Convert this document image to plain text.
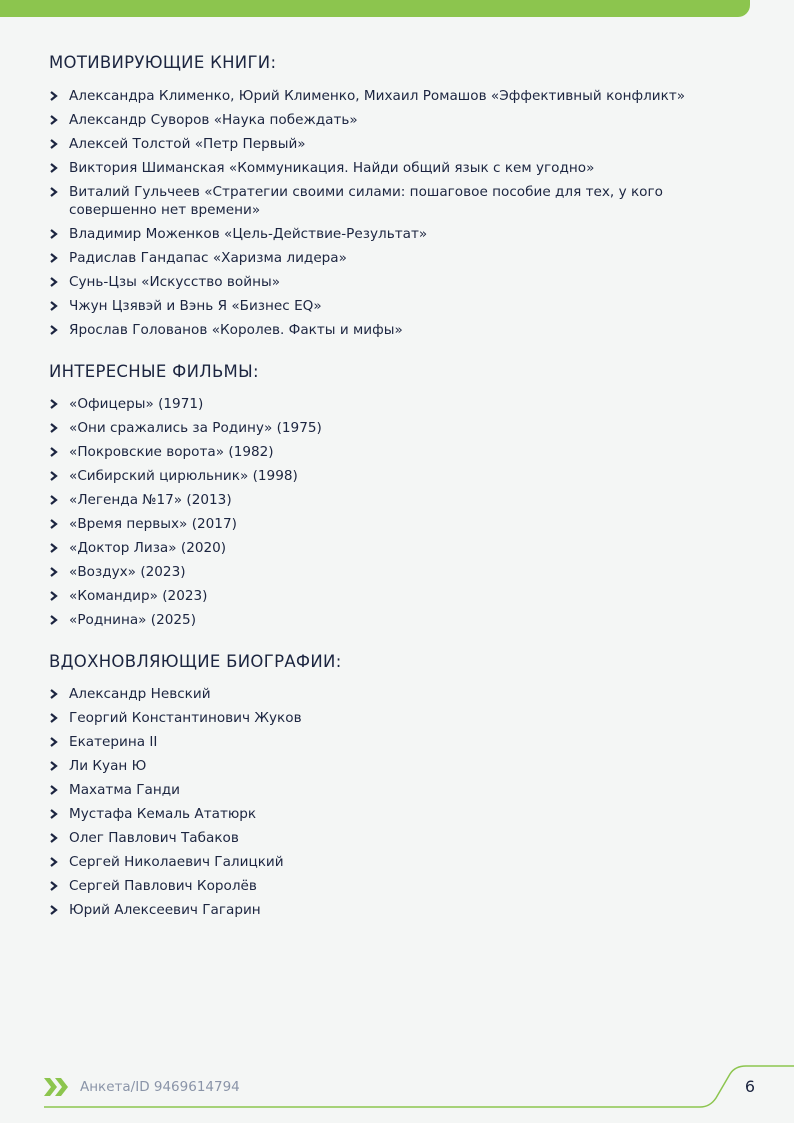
МОТИВИРУЮЩИЕ КНИГИ:
Александра Клименко, Юрий Клименко, Михаил Ромашов «Эффективный конфликт»
Александр Суворов «Наука побеждать»
Алексей Толстой «Петр Первый»
Виктория Шиманская «Коммуникация. Найди общий язык с кем угодно»
Виталий Гульчеев «Стратегии своими силами: пошаговое пособие для тех, у кого совершенно нет времени»
Владимир Моженков «Цель-Действие-Результат»
Радислав Гандапас «Харизма лидера»
Сунь-Цзы «Искусство войны»
Чжун Цзявэй и Вэнь Я «Бизнес EQ»
Ярослав Голованов «Королев. Факты и мифы»
ИНТЕРЕСНЫЕ ФИЛЬМЫ:
«Офицеры» (1971)
«Они сражались за Родину» (1975)
«Покровские ворота» (1982)
«Сибирский цирюльник» (1998)
«Легенда №17» (2013)
«Время первых» (2017)
«Доктор Лиза» (2020)
«Воздух» (2023)
«Командир» (2023)
«Роднина» (2025)
ВДОХНОВЛЯЮЩИЕ БИОГРАФИИ:
Александр Невский
Георгий Константинович Жуков
Екатерина II
Ли Куан Ю
Махатма Ганди
Мустафа Кемаль Ататюрк
Олег Павлович Табаков
Сергей Николаевич Галицкий
Сергей Павлович Королёв
Юрий Алексеевич Гагарин
Анкета/ID 9469614794	6
